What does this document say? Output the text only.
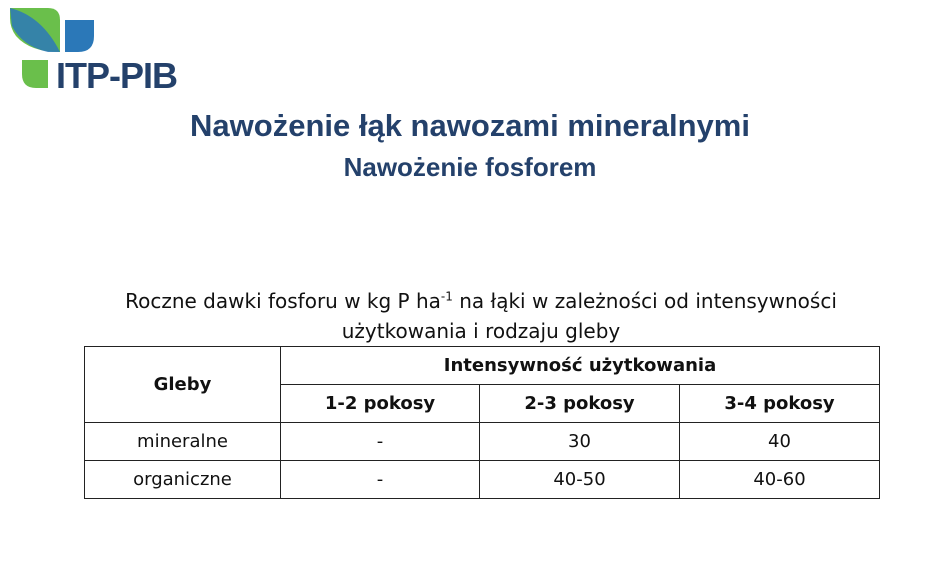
ITP-PIB
Nawożenie łąk nawozami mineralnymi
Nawożenie fosforem
Roczne dawki fosforu w kg P $ha^{-1}$ na łąki w zależności od intensywności
użytkowania i rodzaju gleby
Gleby	Intensywność użytkowania		
	1-2 pokosy	2-3 pokosy	3-4 pokosy
mineralne	-	30	40
organiczne	-	40-50	40-60
